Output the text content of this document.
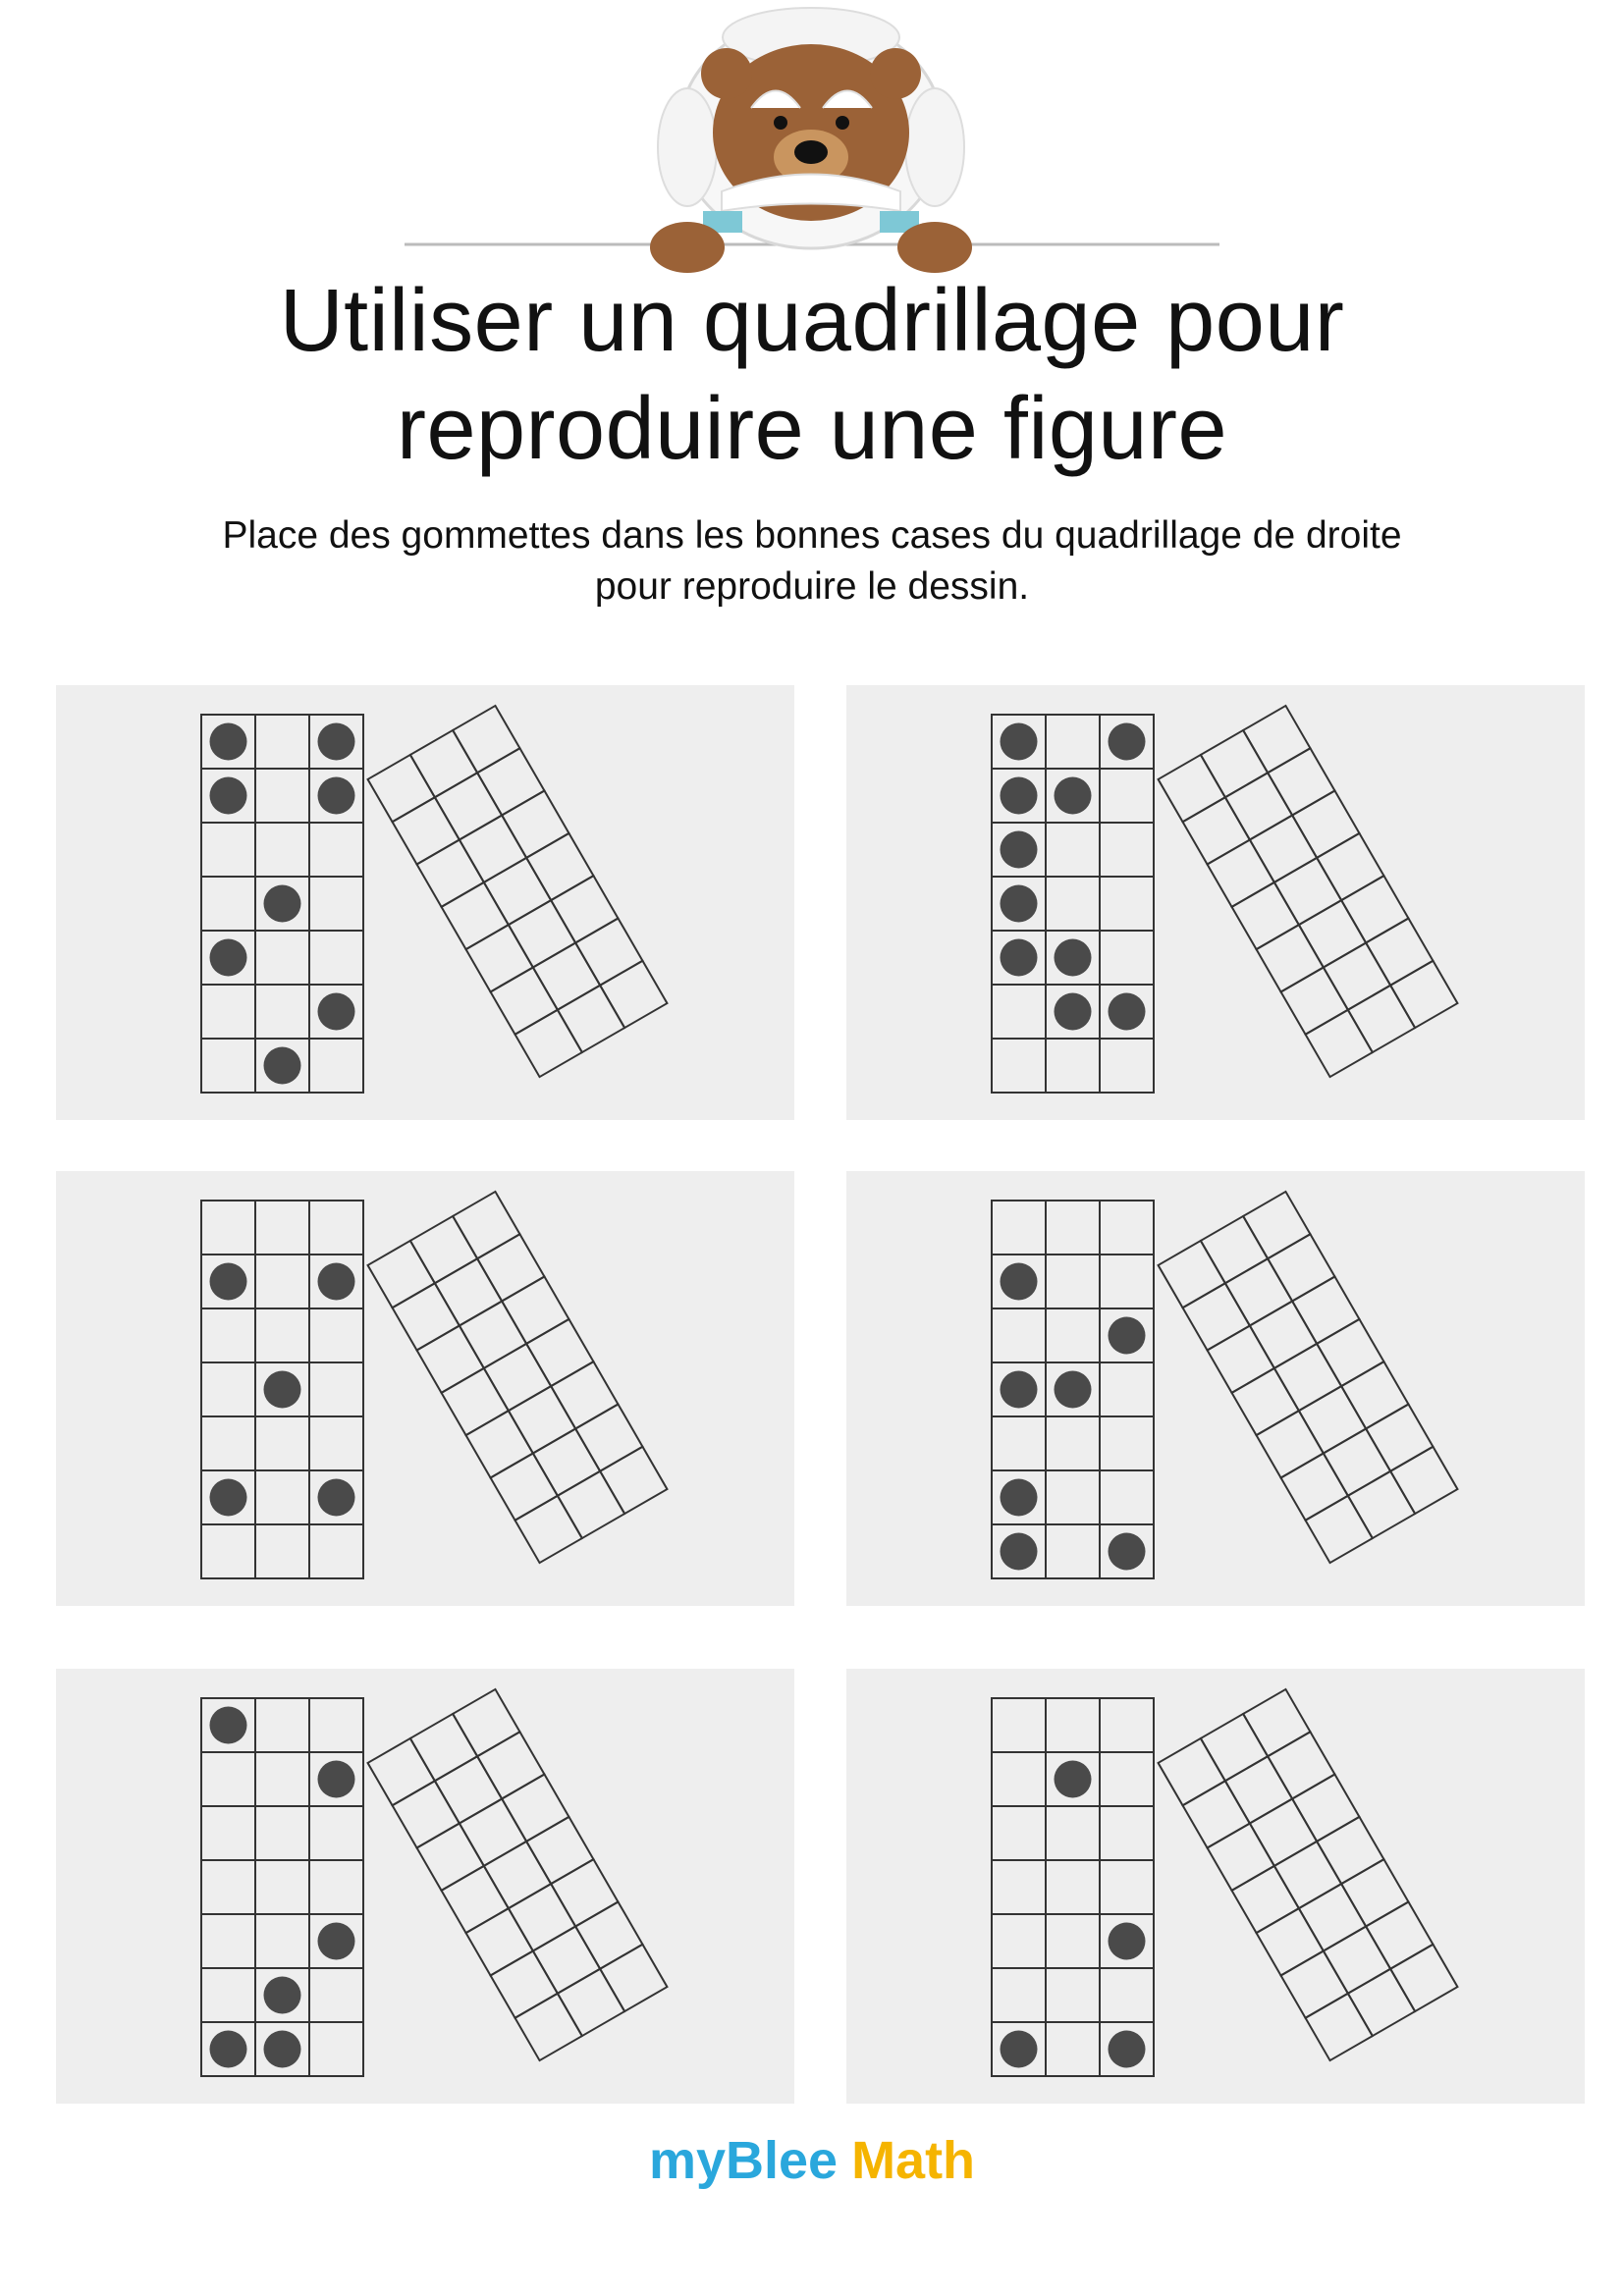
Utiliser un quadrillage pour
reproduire une figure

Place des gommettes dans les bonnes cases du quadrillage de droite
pour reproduire le dessin.

myBlee Math
